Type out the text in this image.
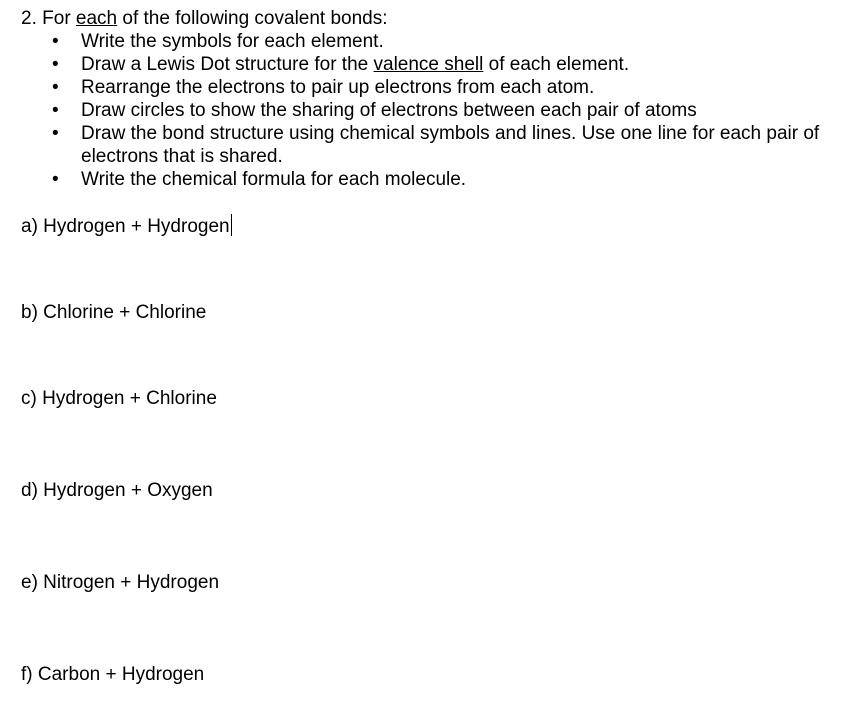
2. For each of the following covalent bonds:

• Write the symbols for each element.
• Draw a Lewis Dot structure for the valence shell of each element.
• Rearrange the electrons to pair up electrons from each atom.
• Draw circles to show the sharing of electrons between each pair of atoms
• Draw the bond structure using chemical symbols and lines. Use one line for each pair of electrons that is shared.
• Write the chemical formula for each molecule.
a) Hydrogen + Hydrogen
b) Chlorine + Chlorine
c) Hydrogen + Chlorine
d) Hydrogen + Oxygen
e) Nitrogen + Hydrogen
f) Carbon + Hydrogen
